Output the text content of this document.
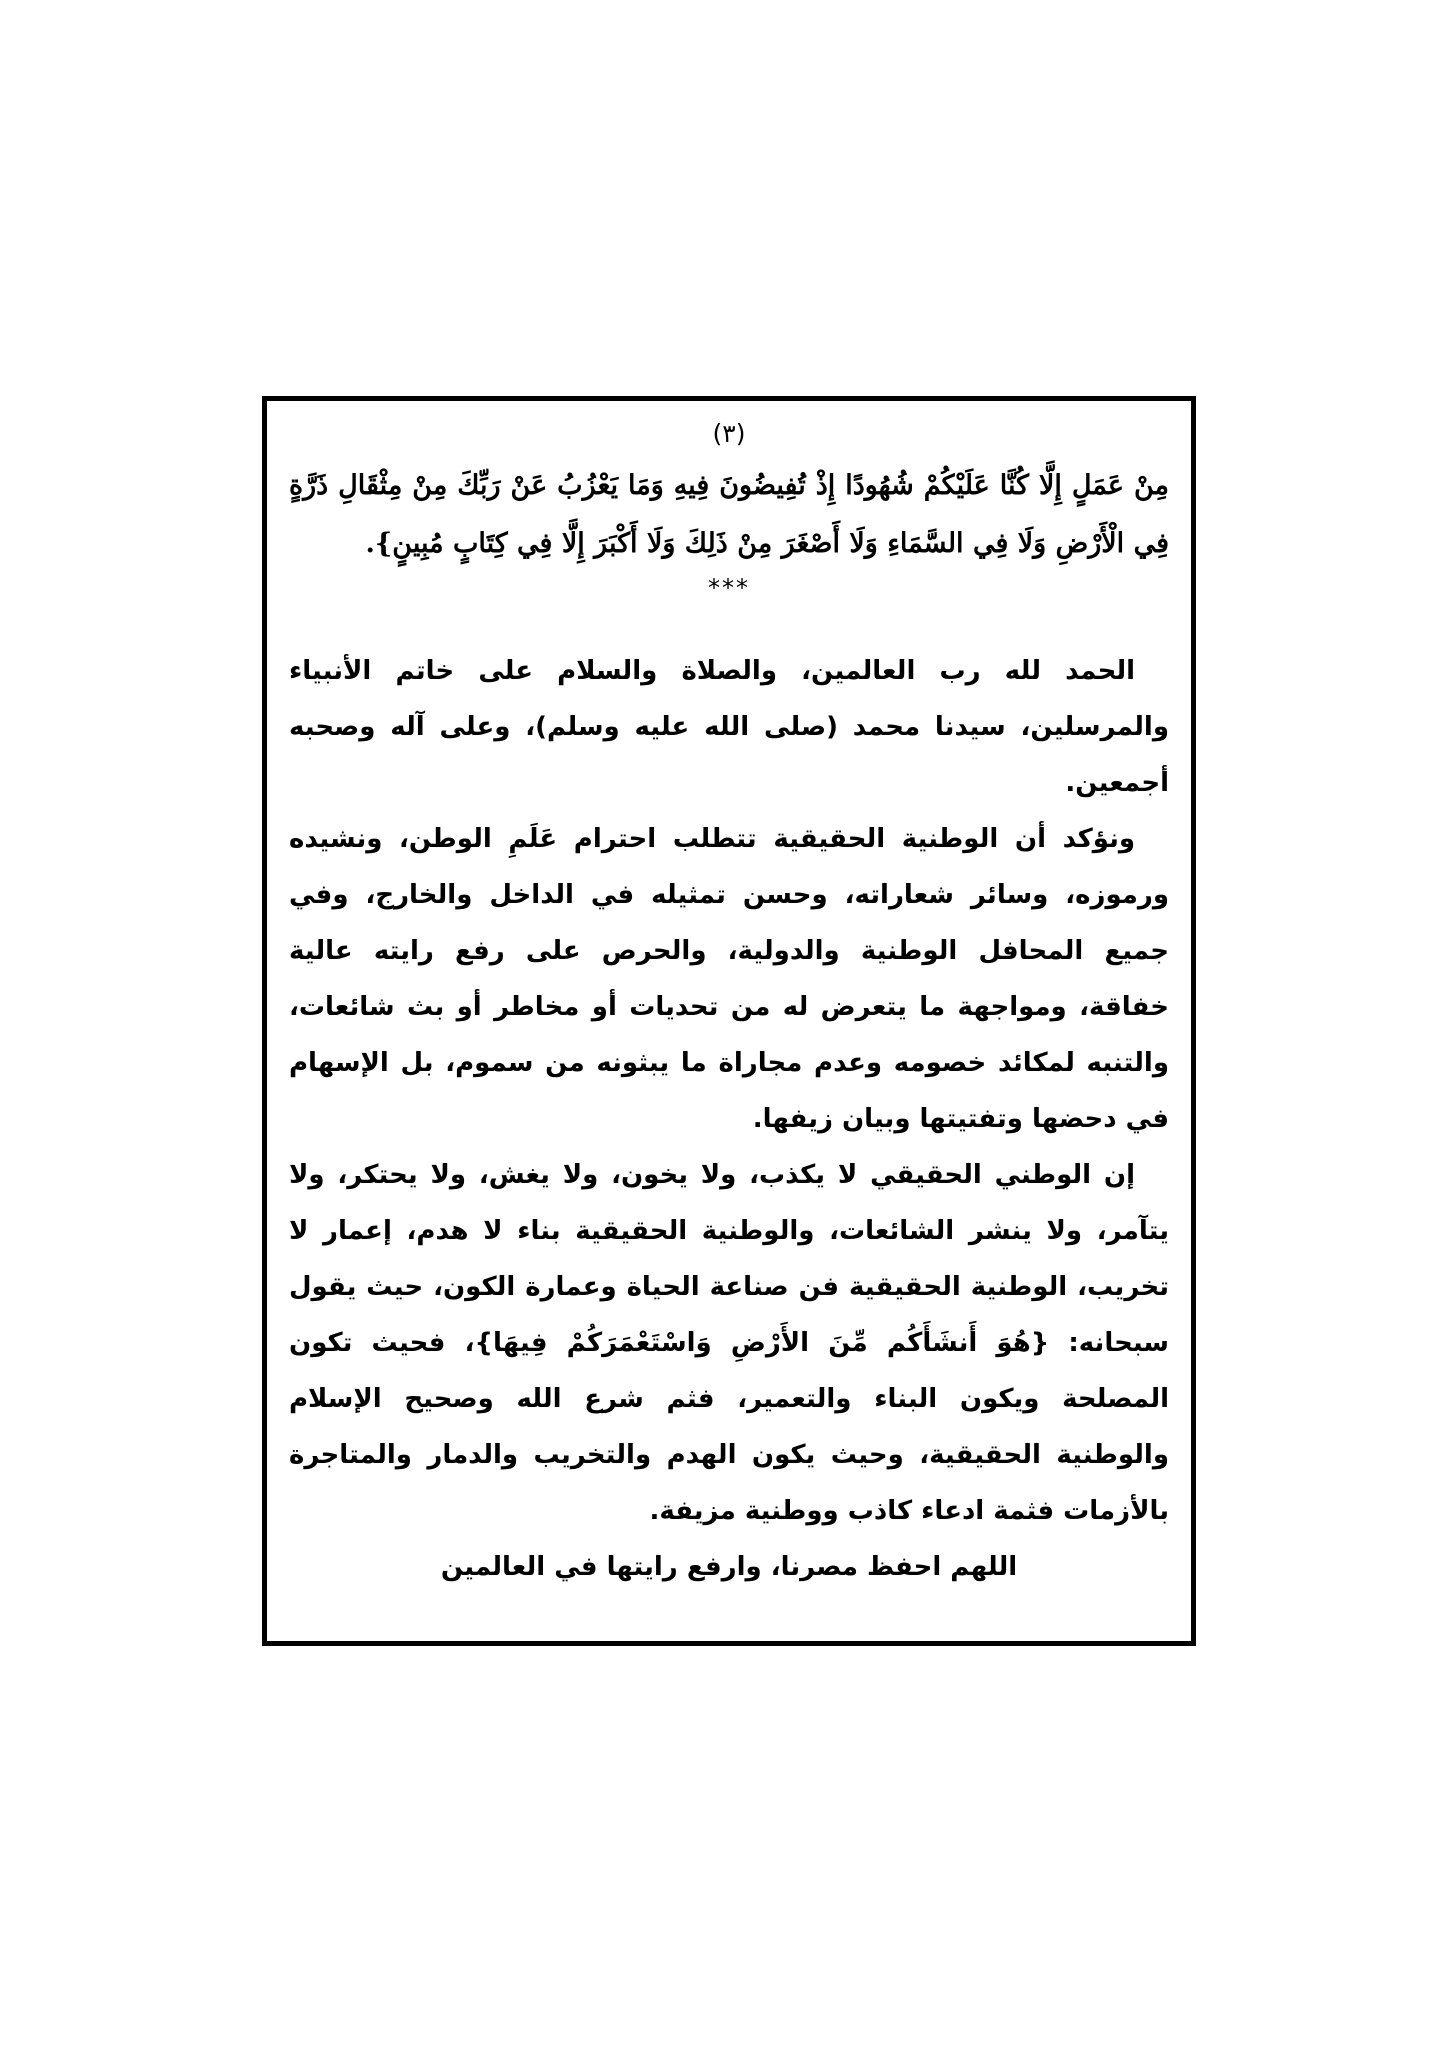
(٣)

مِنْ عَمَلٍ إِلَّا كُنَّا عَلَيْكُمْ شُهُودًا إِذْ تُفِيضُونَ فِيهِ وَمَا يَعْزُبُ عَنْ رَبِّكَ مِنْ مِثْقَالِ ذَرَّةٍ فِي الْأَرْضِ وَلَا فِي السَّمَاءِ وَلَا أَصْغَرَ مِنْ ذَلِكَ وَلَا أَكْبَرَ إِلَّا فِي كِتَابٍ مُبِينٍ}.

***

الحمد لله رب العالمين، والصلاة والسلام على خاتم الأنبياء والمرسلين، سيدنا محمد (صلى الله عليه وسلم)، وعلى آله وصحبه أجمعين.

ونؤكد أن الوطنية الحقيقية تتطلب احترام عَلَمِ الوطن، ونشيده ورموزه، وسائر شعاراته، وحسن تمثيله في الداخل والخارج، وفي جميع المحافل الوطنية والدولية، والحرص على رفع رايته عالية خفاقة، ومواجهة ما يتعرض له من تحديات أو مخاطر أو بث شائعات، والتنبه لمكائد خصومه وعدم مجاراة ما يبثونه من سموم، بل الإسهام في دحضها وتفتيتها وبيان زيفها.

إن الوطني الحقيقي لا يكذب، ولا يخون، ولا يغش، ولا يحتكر، ولا يتآمر، ولا ينشر الشائعات، والوطنية الحقيقية بناء لا هدم، إعمار لا تخريب، الوطنية الحقيقية فن صناعة الحياة وعمارة الكون، حيث يقول سبحانه: {هُوَ أَنشَأَكُم مِّنَ الأَرْضِ وَاسْتَعْمَرَكُمْ فِيهَا}، فحيث تكون المصلحة ويكون البناء والتعمير، فثم شرع الله وصحيح الإسلام والوطنية الحقيقية، وحيث يكون الهدم والتخريب والدمار والمتاجرة بالأزمات فثمة ادعاء كاذب ووطنية مزيفة.

اللهم احفظ مصرنا، وارفع رايتها في العالمين
